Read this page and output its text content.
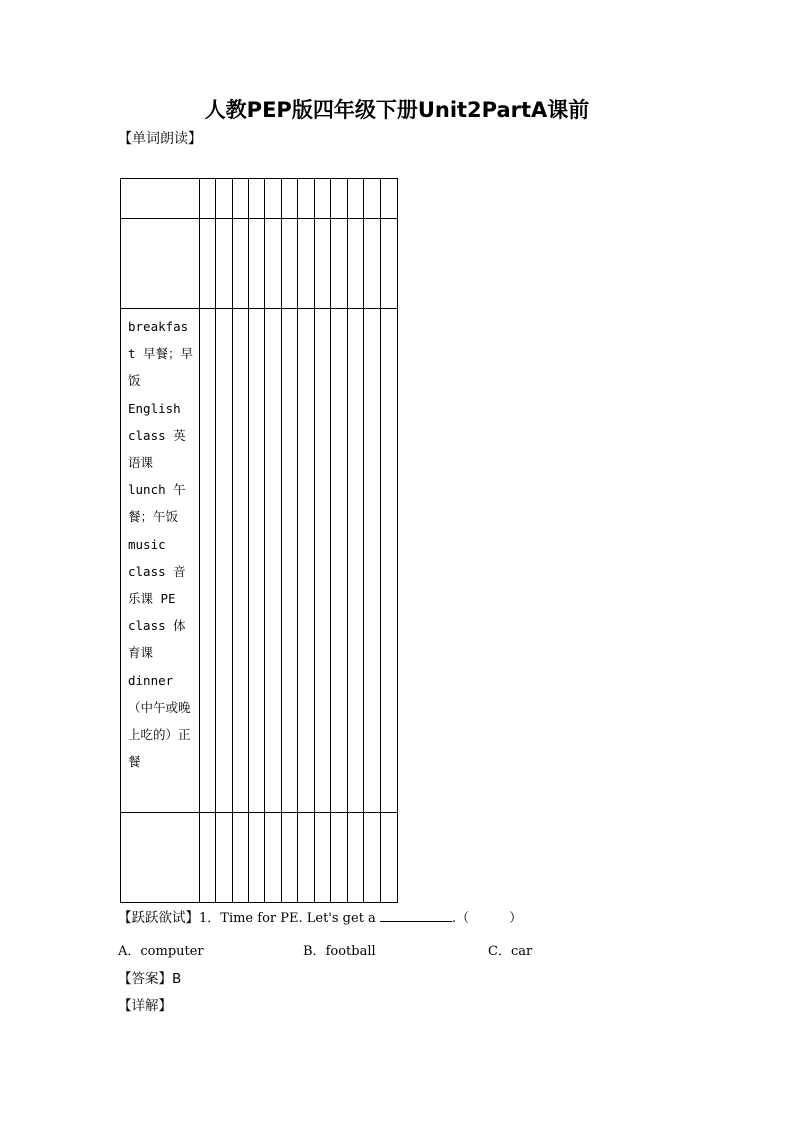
人教PEP版四年级下册Unit2PartA课前
【单词朗读】

breakfast 早餐；早饭 English class 英语课 lunch 午餐；午饭 music class 音乐课 PE class 体育课 dinner （中午或晚上吃的）正餐												

【跃跃欲试】1．Time for PE. Let's get a	.（	）
A．computer	B．football	C．car
【答案】B
【详解】
